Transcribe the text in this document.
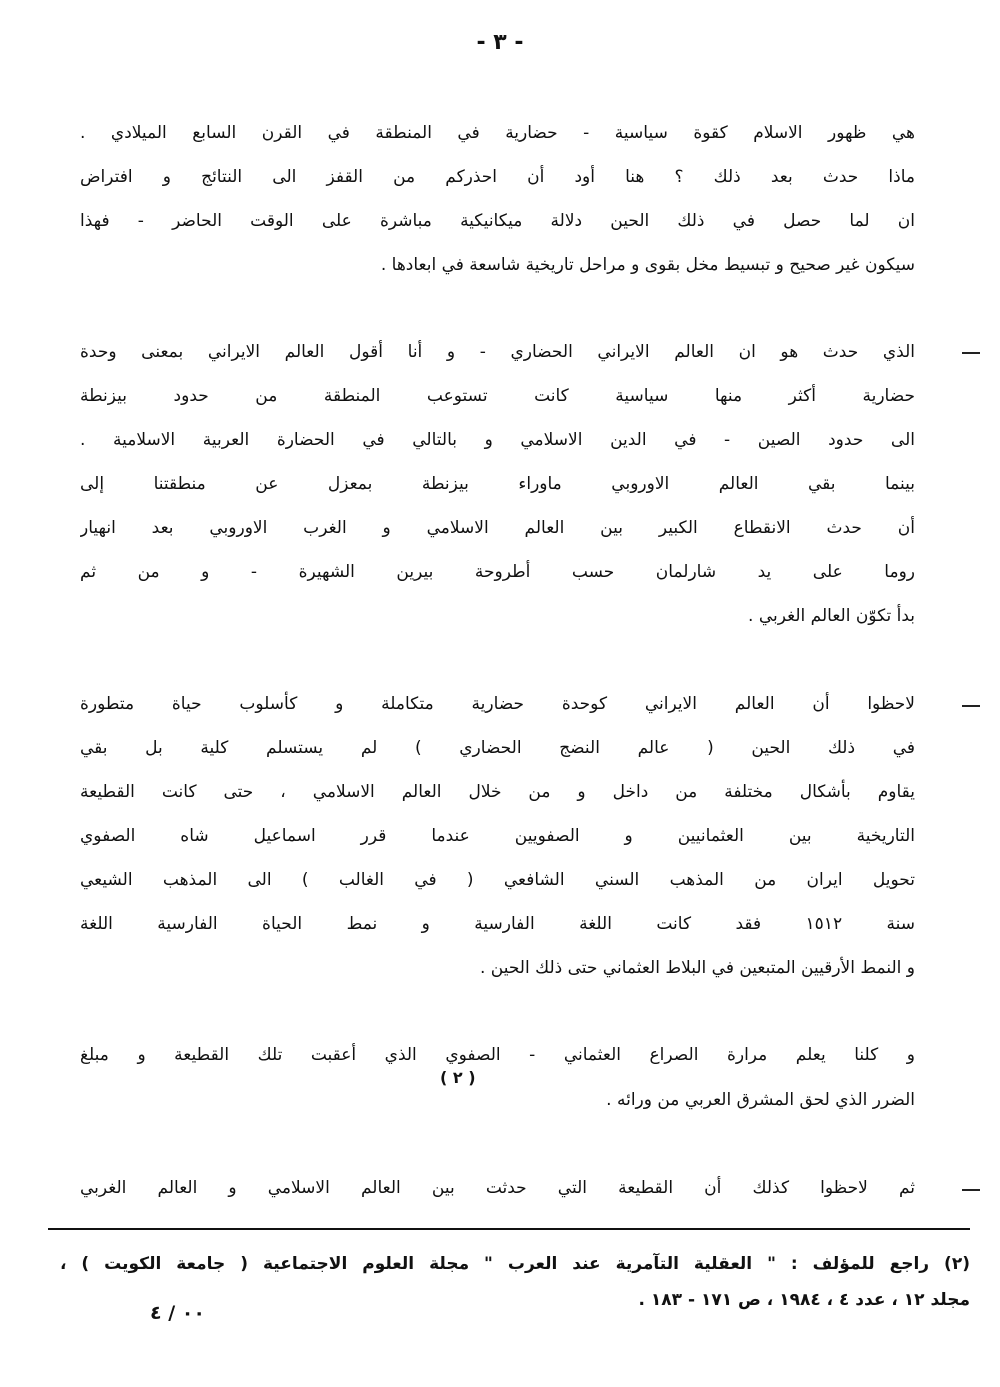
- ٣ -
هي ظهور الاسلام كقوة سياسية - حضارية في المنطقة في القرن السابع الميلادي .
ماذا حدث بعد ذلك ؟ هنا أود أن احذركم من القفز الى النتائج و افتراض
ان لما حصل في ذلك الحين دلالة ميكانيكية مباشرة على الوقت الحاضر - فهذا
سيكون غير صحيح و تبسيط مخل بقوى و مراحل تاريخية شاسعة في ابعادها .
الذي حدث هو ان العالم الايراني الحضاري - و أنا أقول العالم الايراني بمعنى وحدة
حضارية أكثر منها سياسية كانت تستوعب المنطقة من حدود بيزنطة
الى حدود الصين - في الدين الاسلامي و بالتالي في الحضارة العربية الاسلامية .
بينما بقي العالم الاوروبي ماوراء بيزنطة بمعزل عن منطقتنا إلى
أن حدث الانقطاع الكبير بين العالم الاسلامي و الغرب الاوروبي بعد انهيار
روما على يد شارلمان حسب أطروحة بيرين الشهيرة - و من ثم
بدأ تكوّن العالم الغربي .
لاحظوا أن العالم الايراني كوحدة حضارية متكاملة و كأسلوب حياة متطورة
في ذلك الحين ( عالم النضج الحضاري ) لم يستسلم كلية بل بقي
يقاوم بأشكال مختلفة من داخل و من خلال العالم الاسلامي ، حتى كانت القطيعة
التاريخية بين العثمانيين و الصفويين عندما قرر اسماعيل شاه الصفوي
تحويل ايران من المذهب السني الشافعي ( في الغالب ) الى المذهب الشيعي
سنة ١٥١٢ فقد كانت اللغة الفارسية و نمط الحياة الفارسية اللغة
و النمط الأرقيين المتبعين في البلاط العثماني حتى ذلك الحين .
و كلنا يعلم مرارة الصراع العثماني - الصفوي الذي أعقبت تلك القطيعة و مبلغ
الضرر الذي لحق المشرق العربي من ورائه .
( ٢ )
ثم لاحظوا كذلك أن القطيعة التي حدثت بين العالم الاسلامي و العالم الغربي
(٢) راجع للمؤلف : " العقلية التآمرية عند العرب " مجلة العلوم الاجتماعية ( جامعة الكويت ) ،
مجلد ١٢ ، عدد ٤ ، ١٩٨٤ ، ص ١٧١ - ١٨٣ .
٠٠ / ٤
